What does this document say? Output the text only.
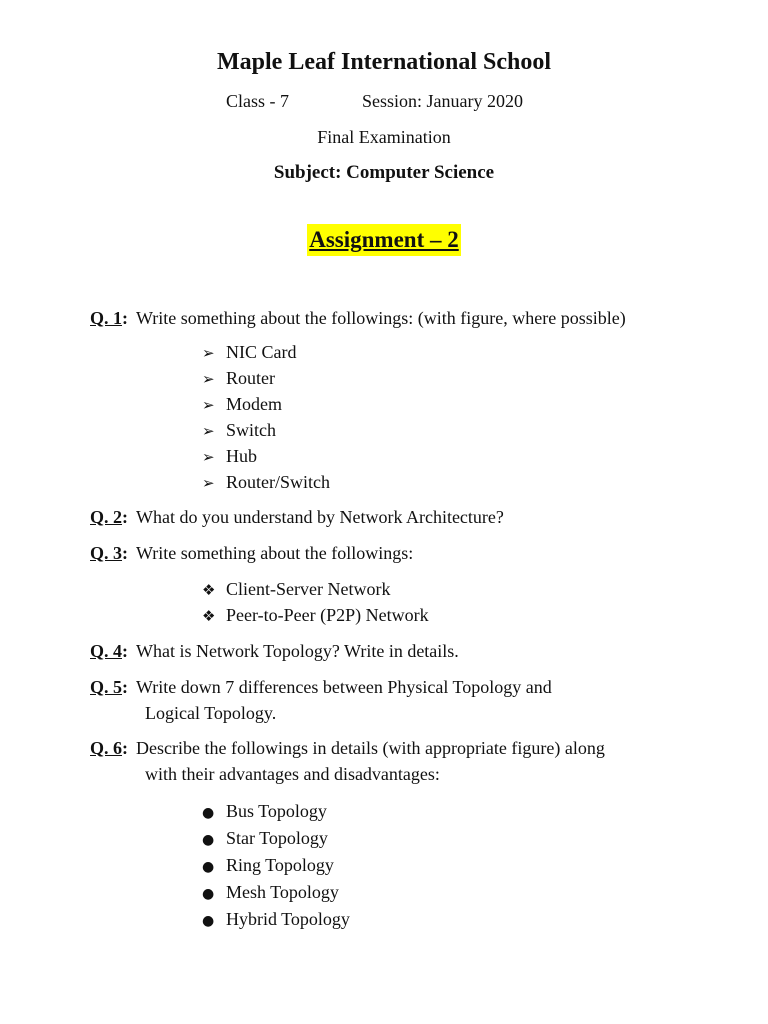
Maple Leaf International School
Class - 7	Session: January 2020
Final Examination
Subject: Computer Science
Assignment – 2
Q. 1: Write something about the followings: (with figure, where possible)
➢ NIC Card
➢ Router
➢ Modem
➢ Switch
➢ Hub
➢ Router/Switch
Q. 2: What do you understand by Network Architecture?
Q. 3: Write something about the followings:
❖ Client-Server Network
❖ Peer-to-Peer (P2P) Network
Q. 4: What is Network Topology? Write in details.
Q. 5: Write down 7 differences between Physical Topology and
Logical Topology.
Q. 6: Describe the followings in details (with appropriate figure) along
with their advantages and disadvantages:
● Bus Topology
● Star Topology
● Ring Topology
● Mesh Topology
● Hybrid Topology
